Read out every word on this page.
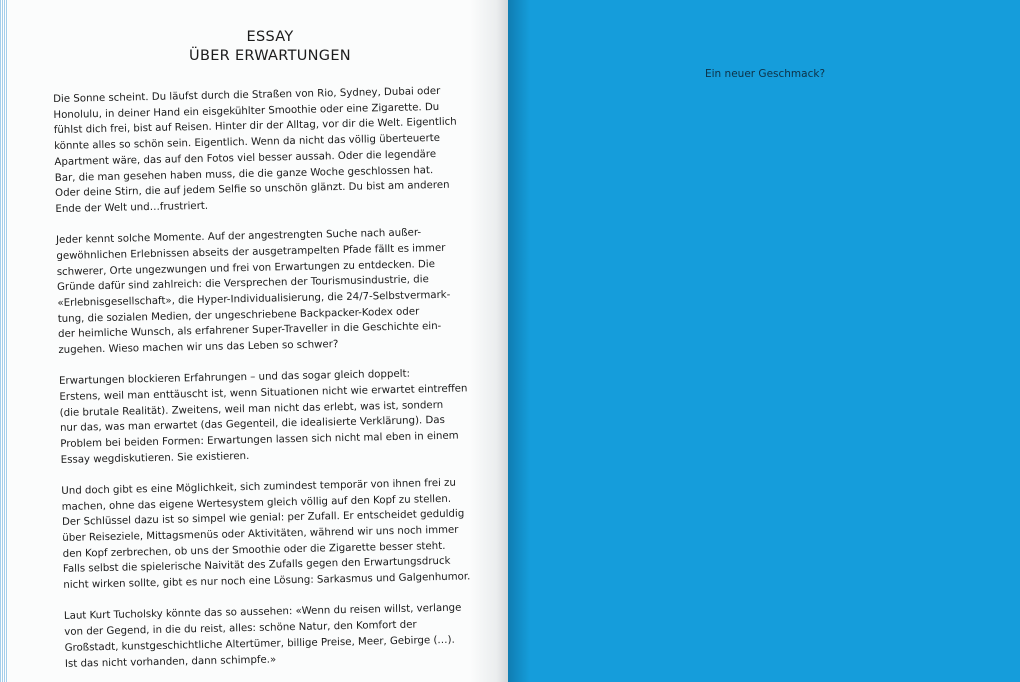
ESSAY
ÜBER ERWARTUNGEN
Die Sonne scheint. Du läufst durch die Straßen von Rio, Sydney, Dubai oder
Honolulu, in deiner Hand ein eisgekühlter Smoothie oder eine Zigarette. Du
fühlst dich frei, bist auf Reisen. Hinter dir der Alltag, vor dir die Welt. Eigentlich
könnte alles so schön sein. Eigentlich. Wenn da nicht das völlig überteuerte
Apartment wäre, das auf den Fotos viel besser aussah. Oder die legendäre
Bar, die man gesehen haben muss, die die ganze Woche geschlossen hat.
Oder deine Stirn, die auf jedem Selfie so unschön glänzt. Du bist am anderen
Ende der Welt und…frustriert.
Jeder kennt solche Momente. Auf der angestrengten Suche nach außer-
gewöhnlichen Erlebnissen abseits der ausgetrampelten Pfade fällt es immer
schwerer, Orte ungezwungen und frei von Erwartungen zu entdecken. Die
Gründe dafür sind zahlreich: die Versprechen der Tourismusindustrie, die
«Erlebnisgesellschaft», die Hyper-Individualisierung, die 24/7-Selbstvermark-
tung, die sozialen Medien, der ungeschriebene Backpacker-Kodex oder
der heimliche Wunsch, als erfahrener Super-Traveller in die Geschichte ein-
zugehen. Wieso machen wir uns das Leben so schwer?
Erwartungen blockieren Erfahrungen – und das sogar gleich doppelt:
Erstens, weil man enttäuscht ist, wenn Situationen nicht wie erwartet eintreffen
(die brutale Realität). Zweitens, weil man nicht das erlebt, was ist, sondern
nur das, was man erwartet (das Gegenteil, die idealisierte Verklärung). Das
Problem bei beiden Formen: Erwartungen lassen sich nicht mal eben in einem
Essay wegdiskutieren. Sie existieren.
Und doch gibt es eine Möglichkeit, sich zumindest temporär von ihnen frei zu
machen, ohne das eigene Wertesystem gleich völlig auf den Kopf zu stellen.
Der Schlüssel dazu ist so simpel wie genial: per Zufall. Er entscheidet geduldig
über Reiseziele, Mittagsmenüs oder Aktivitäten, während wir uns noch immer
den Kopf zerbrechen, ob uns der Smoothie oder die Zigarette besser steht.
Falls selbst die spielerische Naivität des Zufalls gegen den Erwartungsdruck
nicht wirken sollte, gibt es nur noch eine Lösung: Sarkasmus und Galgenhumor.
Laut Kurt Tucholsky könnte das so aussehen: «Wenn du reisen willst, verlange
von der Gegend, in die du reist, alles: schöne Natur, den Komfort der
Großstadt, kunstgeschichtliche Altertümer, billige Preise, Meer, Gebirge (…).
Ist das nicht vorhanden, dann schimpfe.»
Ein neuer Geschmack?
